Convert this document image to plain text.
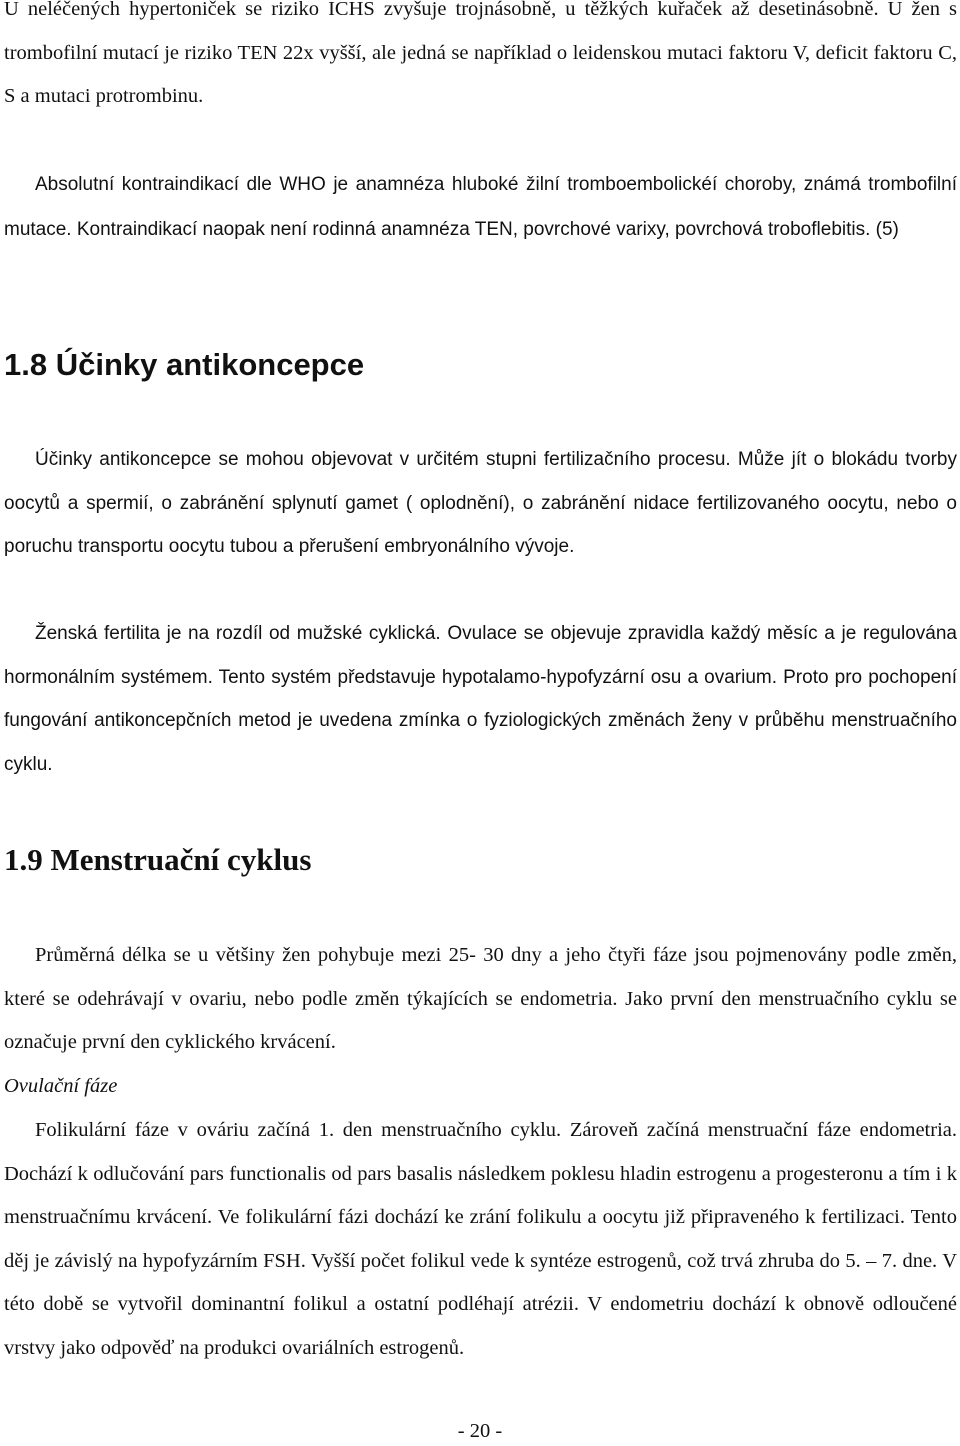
U neléčených hypertoniček se riziko ICHS zvyšuje trojnásobně, u těžkých kuřaček až desetinásobně. U žen s trombofilní mutací je riziko TEN 22x vyšší, ale jedná se například o leidenskou mutaci faktoru V, deficit faktoru C, S a mutaci protrombinu.

Absolutní kontraindikací dle WHO je anamnéza hluboké žilní tromboembolickéí choroby, známá trombofilní mutace. Kontraindikací naopak není rodinná anamnéza TEN, povrchové varixy, povrchová troboflebitis. (5)

1.8 Účinky antikoncepce

Účinky antikoncepce se mohou objevovat v určitém stupni fertilizačního procesu. Může jít o blokádu tvorby oocytů a spermií, o zabránění splynutí gamet ( oplodnění), o zabránění nidace fertilizovaného oocytu, nebo o poruchu transportu oocytu tubou a přerušení embryonálního vývoje.

Ženská fertilita je na rozdíl od mužské cyklická. Ovulace se objevuje zpravidla každý měsíc a je regulována hormonálním systémem. Tento systém představuje hypotalamo-hypofyzární osu a ovarium. Proto pro pochopení fungování antikoncepčních metod je uvedena zmínka o fyziologických změnách ženy v průběhu menstruačního cyklu.

1.9 Menstruační cyklus

Průměrná délka se u většiny žen pohybuje mezi 25- 30 dny a jeho čtyři fáze jsou pojmenovány podle změn, které se odehrávají v ovariu, nebo podle změn týkajících se endometria. Jako první den menstruačního cyklu se označuje první den cyklického krvácení.

Ovulační fáze

Folikulární fáze v ováriu začíná 1. den menstruačního cyklu. Zároveň začíná menstruační fáze endometria. Dochází k odlučování pars functionalis od pars basalis následkem poklesu hladin estrogenu a progesteronu a tím i k menstruačnímu krvácení. Ve folikulární fázi dochází ke zrání folikulu a oocytu již připraveného k fertilizaci. Tento děj je závislý na hypofyzárním FSH. Vyšší počet folikul vede k syntéze estrogenů, což trvá zhruba do 5. – 7. dne. V této době se vytvořil dominantní folikul a ostatní podléhají atrézii. V endometriu dochází k obnově odloučené vrstvy jako odpověď na produkci ovariálních estrogenů.

- 20 -
